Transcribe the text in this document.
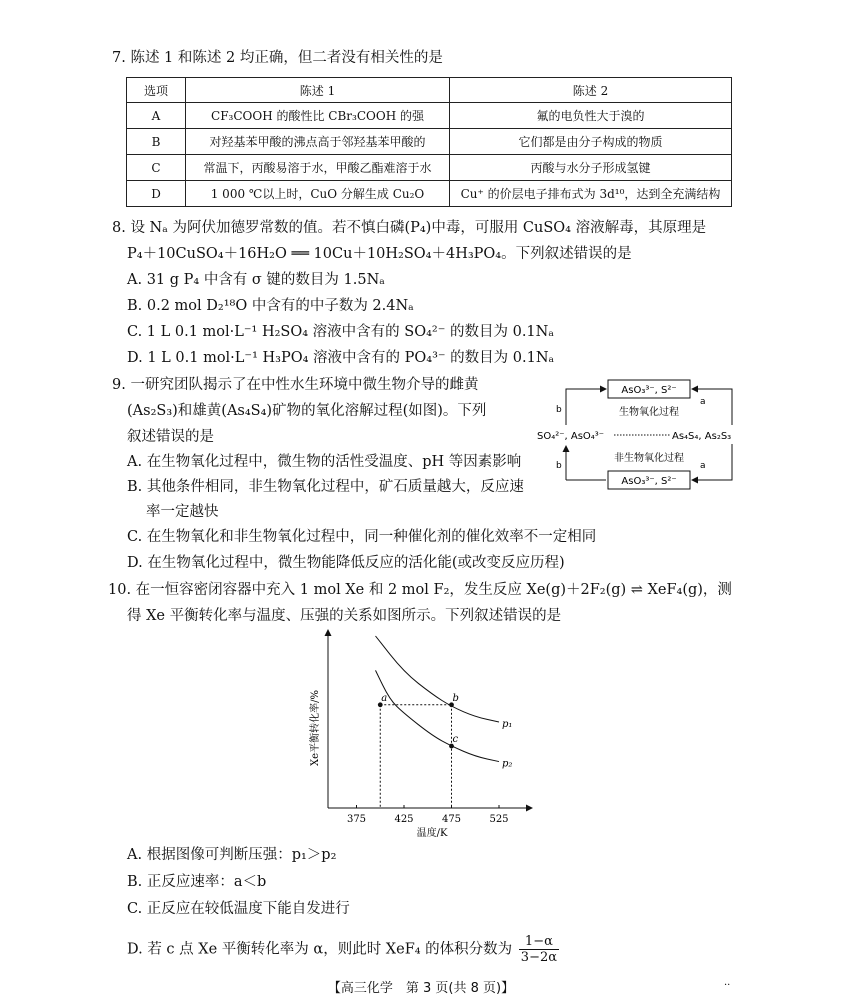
7. 陈述 1 和陈述 2 均正确，但二者没有相关性的是
选项	陈述 1	陈述 2
A	CF₃COOH 的酸性比 CBr₃COOH 的强	氟的电负性大于溴的
B	对羟基苯甲酸的沸点高于邻羟基苯甲酸的	它们都是由分子构成的物质
C	常温下，丙酸易溶于水，甲酸乙酯难溶于水	丙酸与水分子形成氢键
D	1 000 ℃以上时，CuO 分解生成 Cu₂O	Cu⁺ 的价层电子排布式为 3d¹⁰，达到全充满结构
8. 设 Nₐ 为阿伏加德罗常数的值。若不慎白磷(P₄)中毒，可服用 CuSO₄ 溶液解毒，其原理是
P₄＋10CuSO₄＋16H₂O ══ 10Cu＋10H₂SO₄＋4H₃PO₄。下列叙述错误的是
A. 31 g P₄ 中含有 σ 键的数目为 1.5Nₐ
B. 0.2 mol D₂¹⁸O 中含有的中子数为 2.4Nₐ
C. 1 L 0.1 mol·L⁻¹ H₂SO₄ 溶液中含有的 SO₄²⁻ 的数目为 0.1Nₐ
D. 1 L 0.1 mol·L⁻¹ H₃PO₄ 溶液中含有的 PO₄³⁻ 的数目为 0.1Nₐ
9. 一研究团队揭示了在中性水生环境中微生物介导的雌黄
(As₂S₃)和雄黄(As₄S₄)矿物的氧化溶解过程(如图)。下列
叙述错误的是
A. 在生物氧化过程中，微生物的活性受温度、pH 等因素影响
B. 其他条件相同，非生物氧化过程中，矿石质量越大，反应速
率一定越快
C. 在生物氧化和非生物氧化过程中，同一种催化剂的催化效率不一定相同
D. 在生物氧化过程中，微生物能降低反应的活化能(或改变反应历程)
AsO₃³⁻, S²⁻
AsO₃³⁻, S²⁻
SO₄²⁻, AsO₄³⁻	As₄S₄, As₂S₃
生物氧化过程
非生物氧化过程
b
a
b	a
10. 在一恒容密闭容器中充入 1 mol Xe 和 2 mol F₂，发生反应 Xe(g)＋2F₂(g) ⇌ XeF₄(g)，测
得 Xe 平衡转化率与温度、压强的关系如图所示。下列叙述错误的是
Xe平衡转化率/%
温度/K
375	425	475	525
p₁
p₂
a	b
c
A. 根据图像可判断压强：p₁＞p₂
B. 正反应速率：a＜b
C. 正反应在较低温度下能自发进行
D. 若 c 点 Xe 平衡转化率为 α，则此时 XeF₄ 的体积分数为 $\frac{1-\alpha}{3-2\alpha}$
【高三化学　第 3 页(共 8 页)】	··
